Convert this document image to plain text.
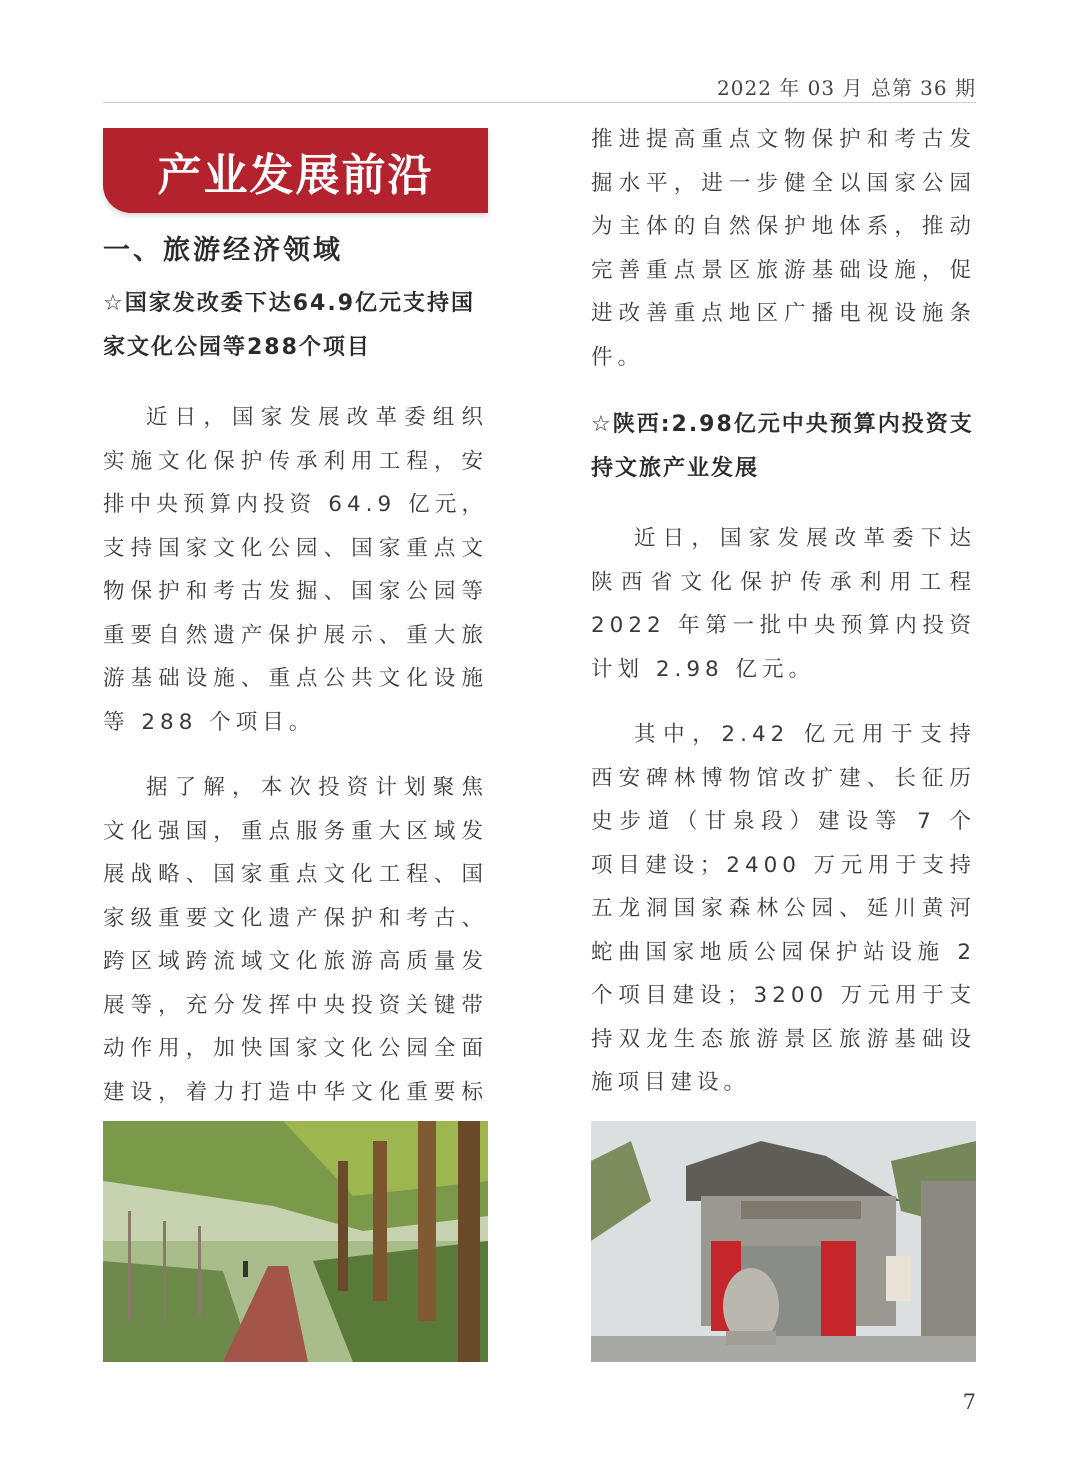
2022 年 03 月 总第 36 期
产业发展前沿
一、旅游经济领域
☆国家发改委下达64.9亿元支持国家文化公园等288个项目
近日，国家发展改革委组织实施文化保护传承利用工程，安排中央预算内投资 64.9 亿元，支持国家文化公园、国家重点文物保护和考古发掘、国家公园等重要自然遗产保护展示、重大旅游基础设施、重点公共文化设施等 288 个项目。
据了解，本次投资计划聚焦文化强国，重点服务重大区域发展战略、国家重点文化工程、国家级重要文化遗产保护和考古、跨区域跨流域文化旅游高质量发展等，充分发挥中央投资关键带动作用，加快国家文化公园全面建设，着力打造中华文化重要标
推进提高重点文物保护和考古发掘水平，进一步健全以国家公园为主体的自然保护地体系，推动完善重点景区旅游基础设施，促进改善重点地区广播电视设施条件。
☆陕西:2.98亿元中央预算内投资支持文旅产业发展
近日，国家发展改革委下达陕西省文化保护传承利用工程 2022 年第一批中央预算内投资计划 2.98 亿元。
其中，2.42 亿元用于支持西安碑林博物馆改扩建、长征历史步道（甘泉段）建设等 7 个项目建设；2400 万元用于支持五龙洞国家森林公园、延川黄河蛇曲国家地质公园保护站设施 2 个项目建设；3200 万元用于支持双龙生态旅游景区旅游基础设施项目建设。
7
